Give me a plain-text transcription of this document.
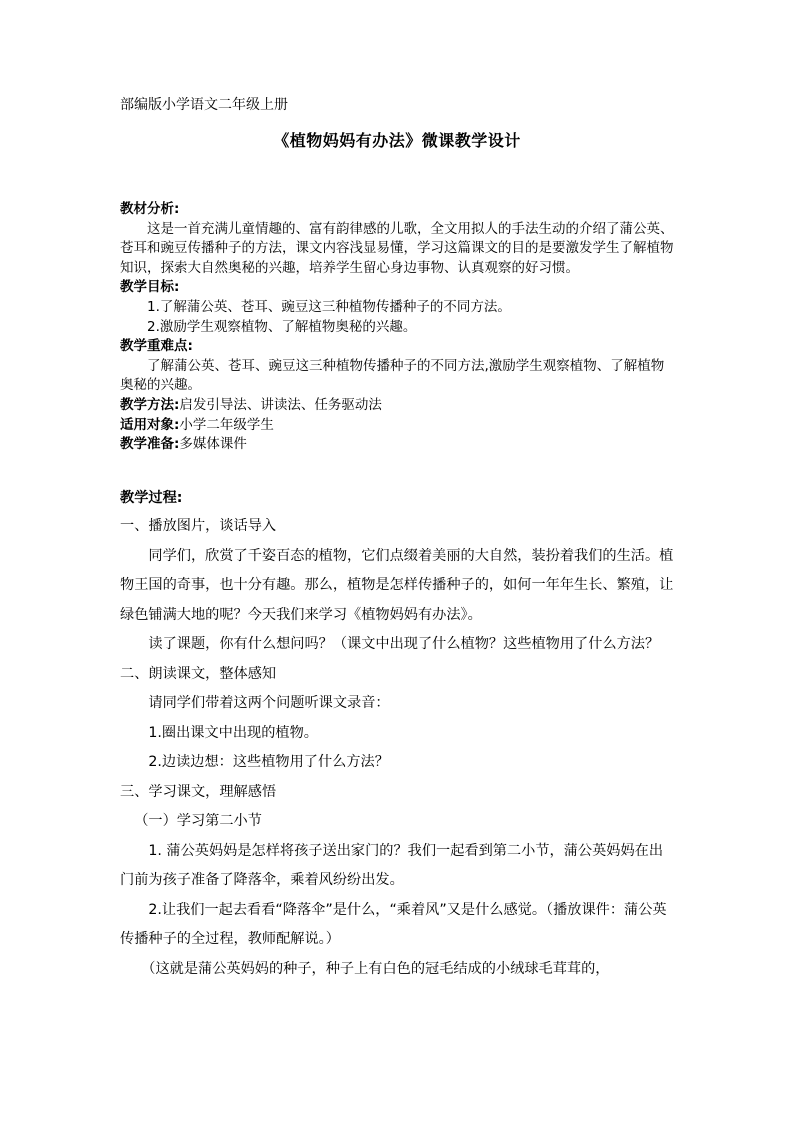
部编版小学语文二年级上册
《植物妈妈有办法》微课教学设计

教材分析:

这是一首充满儿童情趣的、富有韵律感的儿歌，全文用拟人的手法生动的介绍了蒲公英、苍耳和豌豆传播种子的方法，课文内容浅显易懂，学习这篇课文的目的是要激发学生了解植物知识，探索大自然奥秘的兴趣，培养学生留心身边事物、认真观察的好习惯。

教学目标:

1.了解蒲公英、苍耳、豌豆这三种植物传播种子的不同方法。

2.激励学生观察植物、了解植物奥秘的兴趣。

教学重难点:

了解蒲公英、苍耳、豌豆这三种植物传播种子的不同方法,激励学生观察植物、了解植物奥秘的兴趣。

教学方法:启发引导法、讲读法、任务驱动法

适用对象:小学二年级学生

教学准备:多媒体课件

教学过程:

一、播放图片，谈话导入

同学们，欣赏了千姿百态的植物，它们点缀着美丽的大自然，装扮着我们的生活。植物王国的奇事，也十分有趣。那么，植物是怎样传播种子的，如何一年年生长、繁殖，让绿色铺满大地的呢？今天我们来学习《植物妈妈有办法》。

读了课题，你有什么想问吗？（课文中出现了什么植物？这些植物用了什么方法？

二、朗读课文，整体感知

请同学们带着这两个问题听课文录音：

1.圈出课文中出现的植物。

2.边读边想：这些植物用了什么方法？

三、学习课文，理解感悟

（一）学习第二小节

1. 蒲公英妈妈是怎样将孩子送出家门的？我们一起看到第二小节，蒲公英妈妈在出门前为孩子准备了降落伞，乘着风纷纷出发。

2.让我们一起去看看“降落伞”是什么，“乘着风”又是什么感觉。（播放课件：蒲公英传播种子的全过程，教师配解说。）

（这就是蒲公英妈妈的种子，种子上有白色的冠毛结成的小绒球毛茸茸的，
